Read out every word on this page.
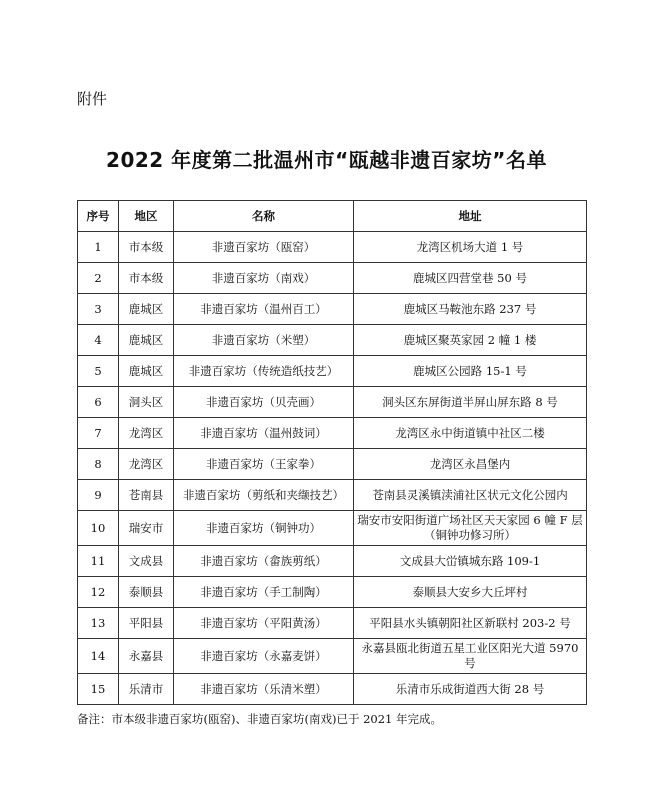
附件
2022 年度第二批温州市“瓯越非遗百家坊”名单
序号	地区	名称	地址
1	市本级	非遗百家坊（瓯窑）	龙湾区机场大道 1 号
2	市本级	非遗百家坊（南戏）	鹿城区四营堂巷 50 号
3	鹿城区	非遗百家坊（温州百工）	鹿城区马鞍池东路 237 号
4	鹿城区	非遗百家坊（米塑）	鹿城区聚英家园 2 幢 1 楼
5	鹿城区	非遗百家坊（传统造纸技艺）	鹿城区公园路 15-1 号
6	洞头区	非遗百家坊（贝壳画）	洞头区东屏街道半屏山屏东路 8 号
7	龙湾区	非遗百家坊（温州鼓词）	龙湾区永中街道镇中社区二楼
8	龙湾区	非遗百家坊（王家拳）	龙湾区永昌堡内
9	苍南县	非遗百家坊（剪纸和夹缬技艺）	苍南县灵溪镇渎浦社区状元文化公园内
10	瑞安市	非遗百家坊（铜钟功）	瑞安市安阳街道广场社区天天家园 6 幢 F 层（铜钟功修习所）
11	文成县	非遗百家坊（畲族剪纸）	文成县大峃镇城东路 109-1
12	泰顺县	非遗百家坊（手工制陶）	泰顺县大安乡大丘坪村
13	平阳县	非遗百家坊（平阳黄汤）	平阳县水头镇朝阳社区新联村 203-2 号
14	永嘉县	非遗百家坊（永嘉麦饼）	永嘉县瓯北街道五星工业区阳光大道 5970 号
15	乐清市	非遗百家坊（乐清米塑）	乐清市乐成街道西大街 28 号
备注：市本级非遗百家坊(瓯窑)、非遗百家坊(南戏)已于 2021 年完成。
